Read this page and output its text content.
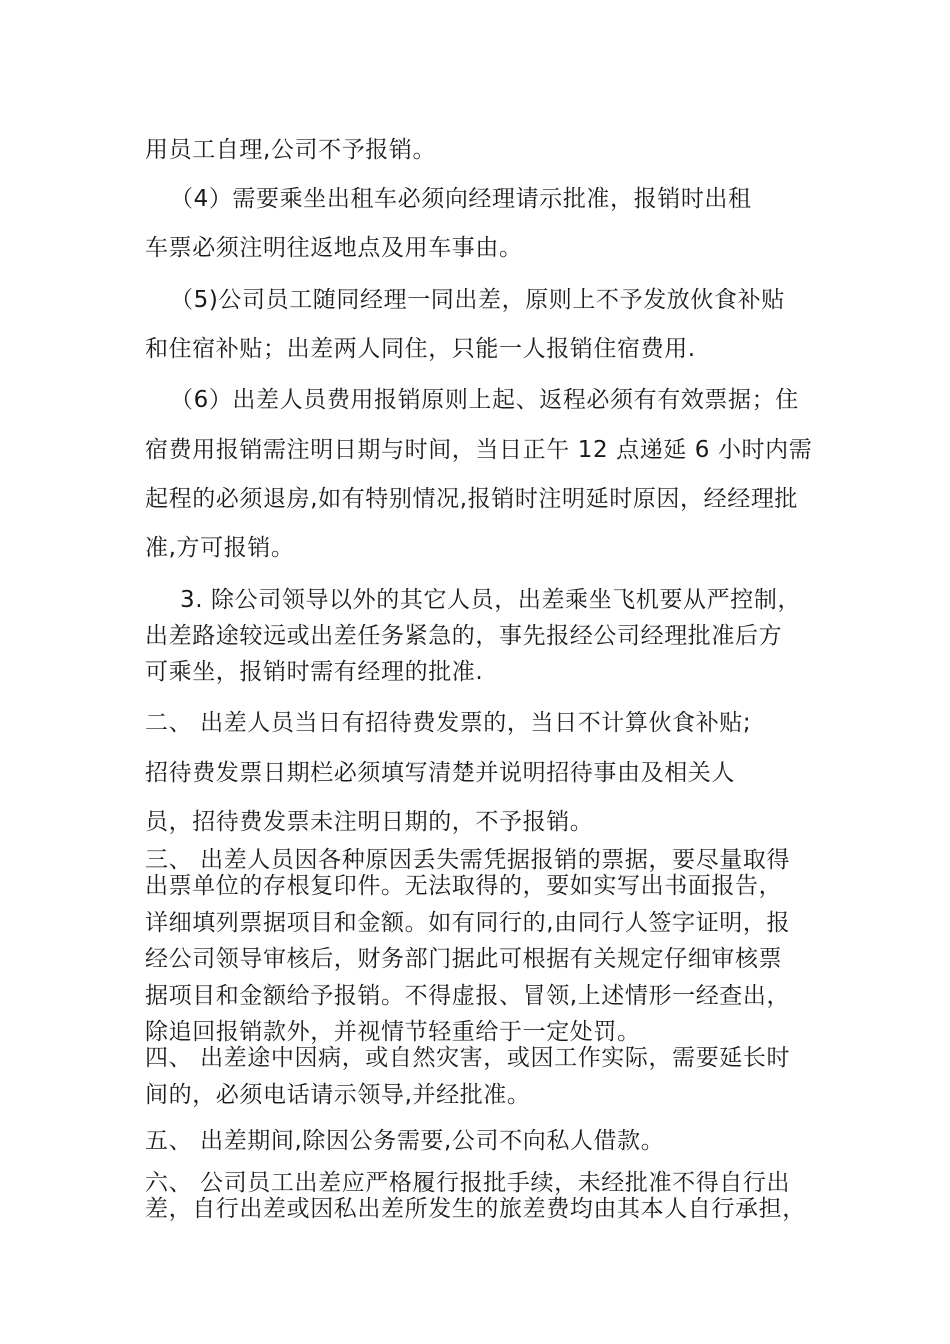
用员工自理,公司不予报销。
（4）需要乘坐出租车必须向经理请示批准，报销时出租
车票必须注明往返地点及用车事由。
（5)公司员工随同经理一同出差，原则上不予发放伙食补贴
和住宿补贴；出差两人同住，只能一人报销住宿费用.
（6）出差人员费用报销原则上起、返程必须有有效票据；住
宿费用报销需注明日期与时间，当日正午 12 点递延 6 小时内需
起程的必须退房,如有特别情况,报销时注明延时原因，经经理批
准,方可报销。
3. 除公司领导以外的其它人员，出差乘坐飞机要从严控制，
出差路途较远或出差任务紧急的，事先报经公司经理批准后方
可乘坐，报销时需有经理的批准.
二、 出差人员当日有招待费发票的，当日不计算伙食补贴;
招待费发票日期栏必须填写清楚并说明招待事由及相关人
员，招待费发票未注明日期的，不予报销。
三、 出差人员因各种原因丢失需凭据报销的票据，要尽量取得
出票单位的存根复印件。无法取得的，要如实写出书面报告，
详细填列票据项目和金额。如有同行的,由同行人签字证明，报
经公司领导审核后，财务部门据此可根据有关规定仔细审核票
据项目和金额给予报销。不得虚报、冒领,上述情形一经查出，
除追回报销款外，并视情节轻重给于一定处罚。
四、 出差途中因病，或自然灾害，或因工作实际，需要延长时
间的，必须电话请示领导,并经批准。
五、 出差期间,除因公务需要,公司不向私人借款。
六、 公司员工出差应严格履行报批手续，未经批准不得自行出
差，自行出差或因私出差所发生的旅差费均由其本人自行承担，
